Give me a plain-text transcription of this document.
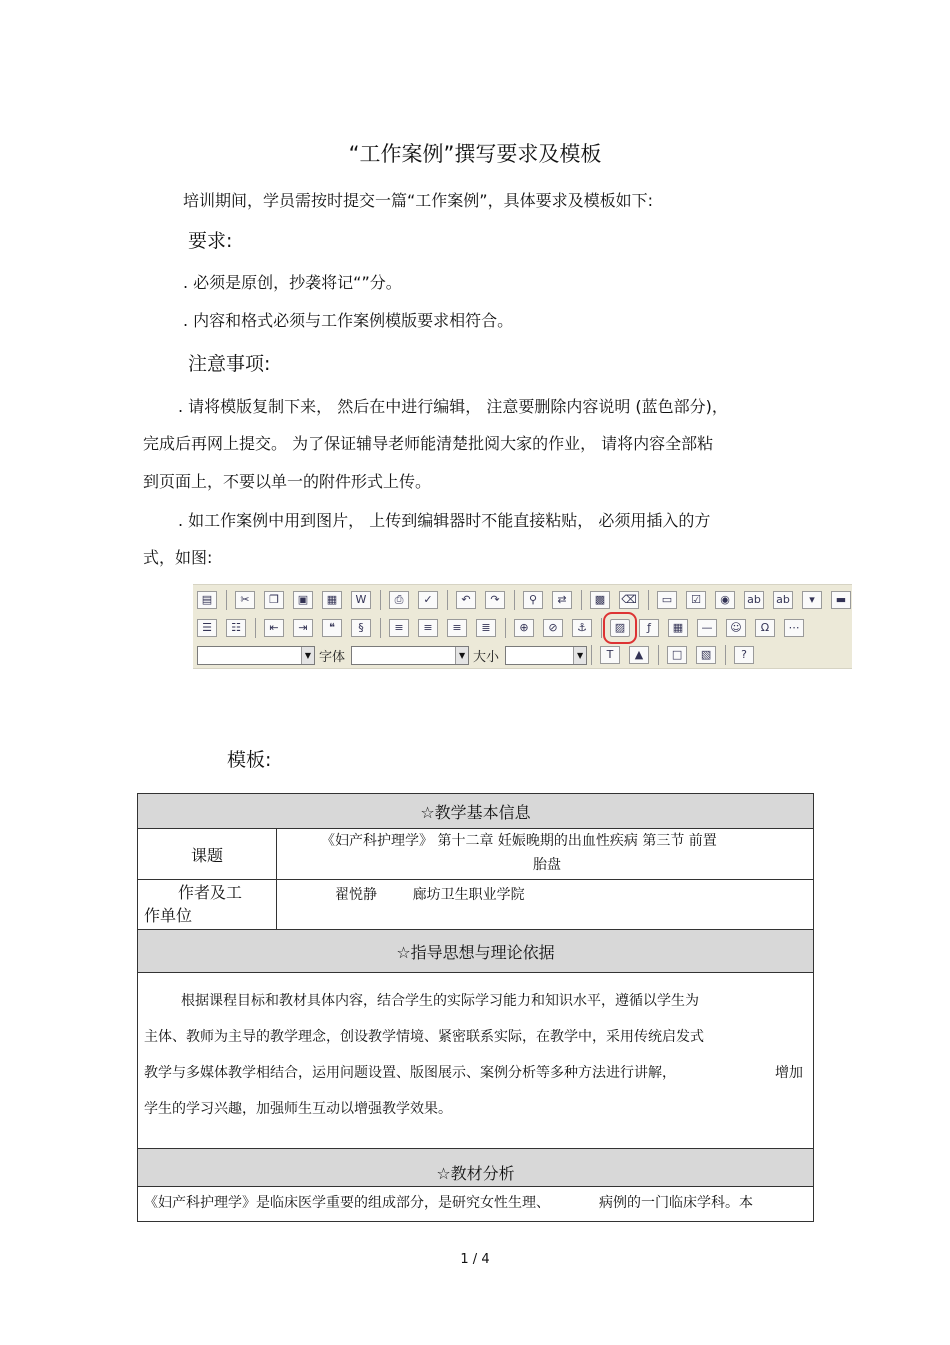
“工作案例”撰写要求及模板
培训期间，学员需按时提交一篇“工作案例”，具体要求及模板如下:
要求:
. 必须是原创，抄袭将记“”分。
. 内容和格式必须与工作案例模版要求相符合。
注意事项:
. 请将模版复制下来， 然后在中进行编辑， 注意要删除内容说明 (蓝色部分)，
完成后再网上提交。 为了保证辅导老师能清楚批阅大家的作业， 请将内容全部粘
到页面上，不要以单一的附件形式上传。
. 如工作案例中用到图片， 上传到编辑器时不能直接粘贴， 必须用插入的方
式，如图:
▤	✂	❐	▣	▦	W	⎙	✓	↶	↷	⚲	⇄	▩	⌫	▭	☑	◉	ab ab	▾	▬
☰	☷	⇤	⇥	❝	§	≡	≡	≡	≣	⊕	⊘	⚓	▨	ƒ	▦	—	☺	Ω	⋯
▼ 字体	▼ 大小	▼	T	▲	□	▧	?
模板:
☆教学基本信息	
课题	《妇产科护理学》 第十二章 妊娠晚期的出血性疾病 第三节 前置
胎盘

作者及工
作单位	翟悦静        廊坊卫生职业学院
☆指导思想与理论依据	

根据课程目标和教材具体内容，结合学生的实际学习能力和知识水平，遵循以学生为
主体、教师为主导的教学理念，创设教学情境、紧密联系实际，在教学中，采用传统启发式
教学与多媒体教学相结合，运用问题设置、版图展示、案例分析等多种方法进行讲解， 增加
学生的学习兴趣，加强师生互动以增强教学效果。	

☆教材分析	
《妇产科护理学》是临床医学重要的组成部分，是研究女性生理、           病例的一门临床学科。本	
1 / 4
